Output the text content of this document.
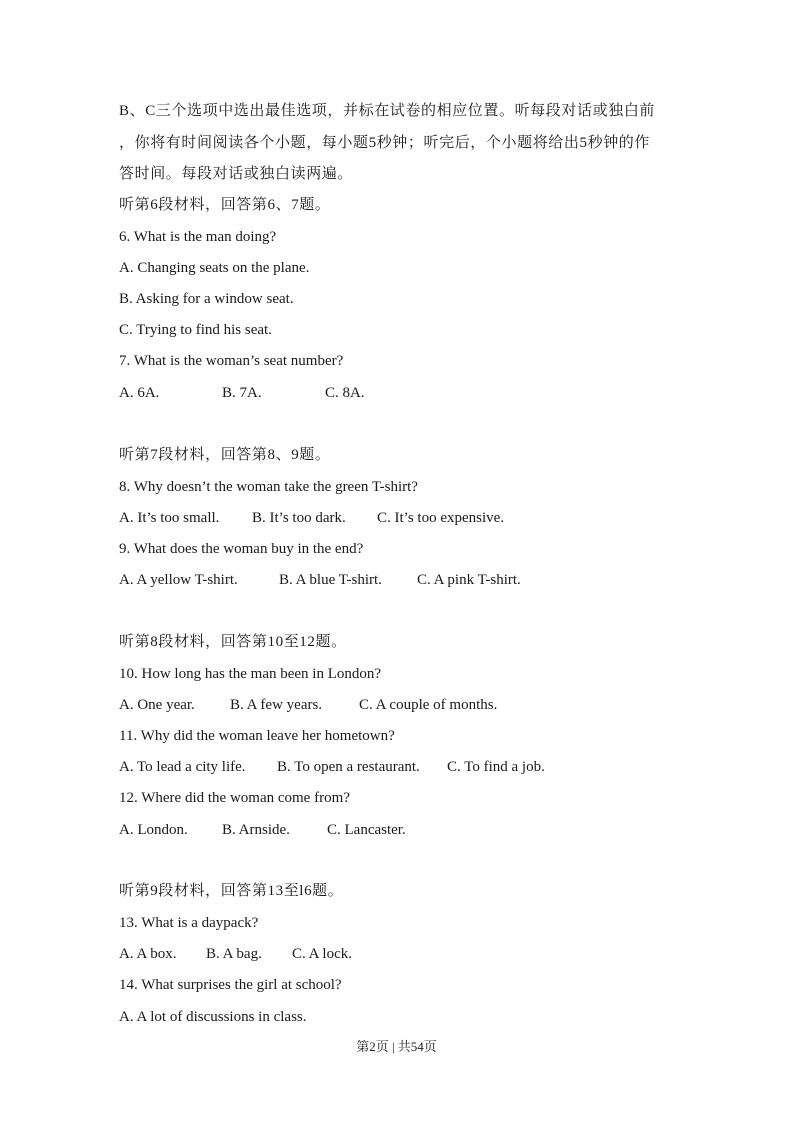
B、C三个选项中选出最佳选项，并标在试卷的相应位置。听每段对话或独白前
，你将有时间阅读各个小题，每小题5秒钟；听完后，个小题将给出5秒钟的作
答时间。每段对话或独白读两遍。
听第6段材料，回答第6、7题。
6. What is the man doing?
A. Changing seats on the plane.
B. Asking for a window seat.
C. Trying to find his seat.
7. What is the woman’s seat number?
A. 6A.	B. 7A.	C. 8A.
听第7段材料，回答第8、9题。
8. Why doesn’t the woman take the green T-shirt?
A. It’s too small. B. It’s too dark. C. It’s too expensive.
9. What does the woman buy in the end?
A. A yellow T-shirt.	B. A blue T-shirt. C. A pink T-shirt.
听第8段材料，回答第10至12题。
10. How long has the man been in London?
A. One year. B. A few years. C. A couple of months.
11. Why did the woman leave her hometown?
A. To lead a city life. B. To open a restaurant. C. To find a job.
12. Where did the woman come from?
A. London. B. Arnside. C. Lancaster.
听第9段材料，回答第13至l6题。
13. What is a daypack?
A. A box. B. A bag. C. A lock.
14. What surprises the girl at school?
A. A lot of discussions in class.
第2页 | 共54页
